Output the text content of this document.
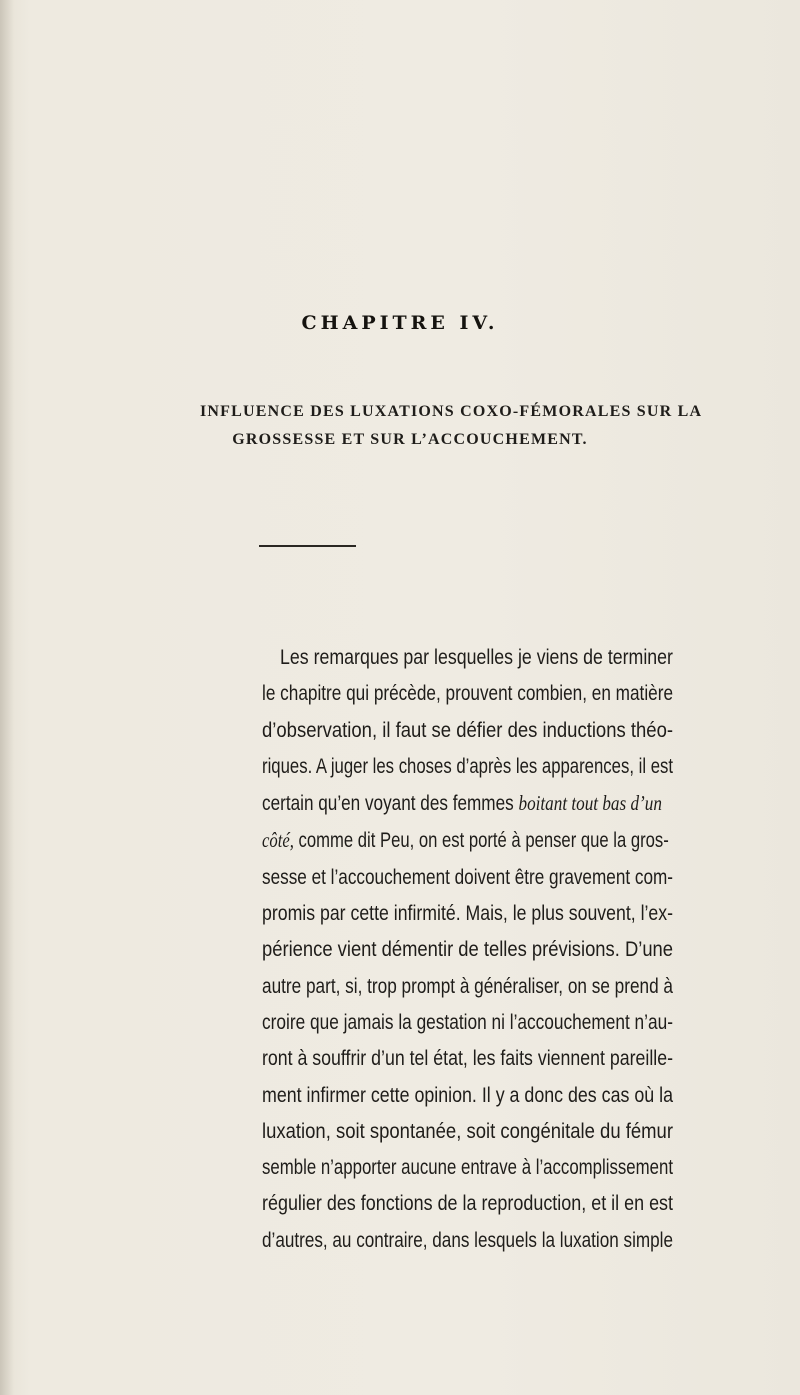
CHAPITRE IV.
INFLUENCE DES LUXATIONS COXO-FÉMORALES SUR LA
GROSSESSE ET SUR L’ACCOUCHEMENT.

Les remarques par lesquelles je viens de terminer
le chapitre qui précède, prouvent combien, en matière
d’observation, il faut se défier des inductions théo-
riques. A juger les choses d’après les apparences, il est
certain qu’en voyant des femmes boitant tout bas d’un
côté, comme dit Peu, on est porté à penser que la gros-
sesse et l’accouchement doivent être gravement com-
promis par cette infirmité. Mais, le plus souvent, l’ex-
périence vient démentir de telles prévisions. D’une
autre part, si, trop prompt à généraliser, on se prend à
croire que jamais la gestation ni l’accouchement n’au-
ront à souffrir d’un tel état, les faits viennent pareille-
ment infirmer cette opinion. Il y a donc des cas où la
luxation, soit spontanée, soit congénitale du fémur
semble n’apporter aucune entrave à l’accomplissement
régulier des fonctions de la reproduction, et il en est
d’autres, au contraire, dans lesquels la luxation simple
